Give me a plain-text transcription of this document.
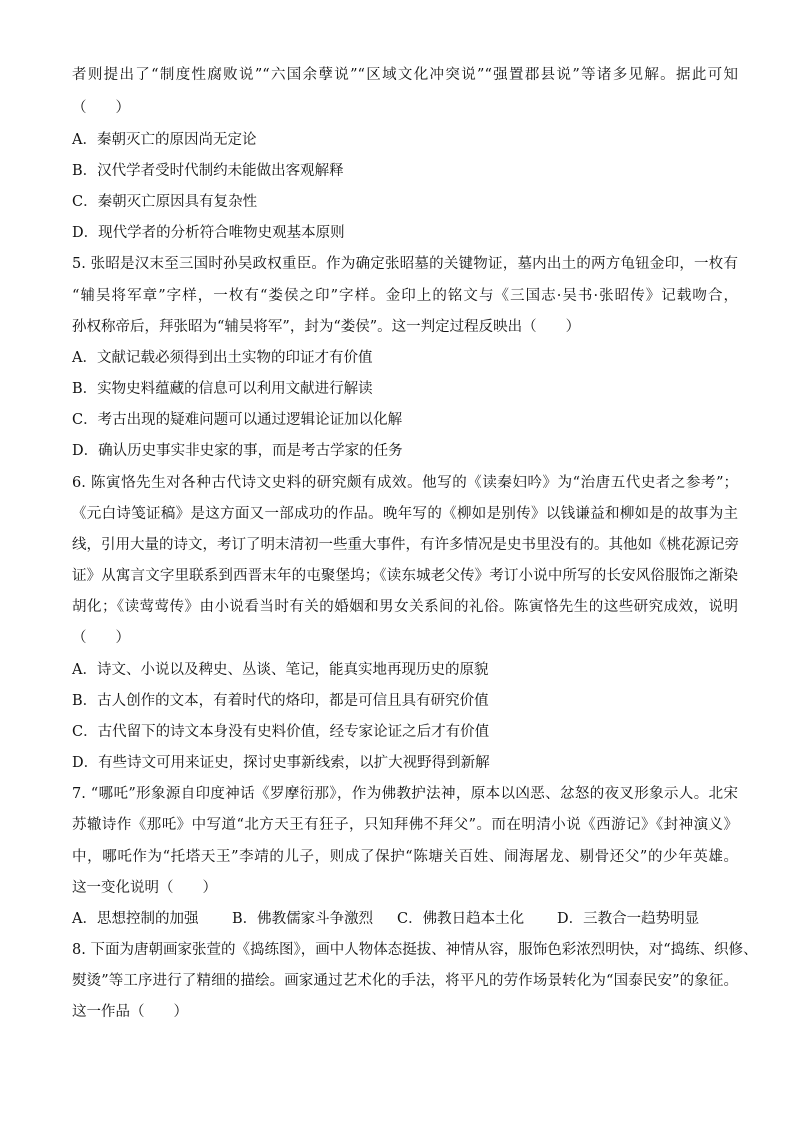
者则提出了“制度性腐败说”“六国余孽说”“区域文化冲突说”“强置郡县说”等诸多见解。据此可知
（　　）
A．秦朝灭亡的原因尚无定论
B．汉代学者受时代制约未能做出客观解释
C．秦朝灭亡原因具有复杂性
D．现代学者的分析符合唯物史观基本原则
5. 张昭是汉末至三国时孙吴政权重臣。作为确定张昭墓的关键物证，墓内出土的两方龟钮金印，一枚有
“辅吴将军章”字样，一枚有“娄侯之印”字样。金印上的铭文与《三国志·吴书·张昭传》记载吻合，
孙权称帝后，拜张昭为“辅吴将军”，封为“娄侯”。这一判定过程反映出（　　）
A．文献记载必须得到出土实物的印证才有价值
B．实物史料蕴藏的信息可以利用文献进行解读
C．考古出现的疑难问题可以通过逻辑论证加以化解
D．确认历史事实非史家的事，而是考古学家的任务
6. 陈寅恪先生对各种古代诗文史料的研究颇有成效。他写的《读秦妇吟》为“治唐五代史者之参考”；
《元白诗笺证稿》是这方面又一部成功的作品。晚年写的《柳如是别传》以钱谦益和柳如是的故事为主
线，引用大量的诗文，考订了明末清初一些重大事件，有许多情况是史书里没有的。其他如《桃花源记旁
证》从寓言文字里联系到西晋末年的屯聚堡坞；《读东城老父传》考订小说中所写的长安风俗服饰之渐染
胡化；《读莺莺传》由小说看当时有关的婚姻和男女关系间的礼俗。陈寅恪先生的这些研究成效，说明
（　　）
A．诗文、小说以及稗史、丛谈、笔记，能真实地再现历史的原貌
B．古人创作的文本，有着时代的烙印，都是可信且具有研究价值
C．古代留下的诗文本身没有史料价值，经专家论证之后才有价值
D．有些诗文可用来证史，探讨史事新线索，以扩大视野得到新解
7. “哪吒”形象源自印度神话《罗摩衍那》，作为佛教护法神，原本以凶恶、忿怒的夜叉形象示人。北宋
苏辙诗作《那吒》中写道“北方天王有狂子，只知拜佛不拜父”。而在明清小说《西游记》《封神演义》
中，哪吒作为“托塔天王”李靖的儿子，则成了保护“陈塘关百姓、闹海屠龙、剔骨还父”的少年英雄。
这一变化说明（　　）
A．思想控制的加强 B．佛教儒家斗争激烈 C．佛教日趋本土化 D．三教合一趋势明显
8. 下面为唐朝画家张萱的《捣练图》，画中人物体态挺拔、神情从容，服饰色彩浓烈明快，对“捣练、织修、
熨烫”等工序进行了精细的描绘。画家通过艺术化的手法，将平凡的劳作场景转化为“国泰民安”的象征。
这一作品（　　）
